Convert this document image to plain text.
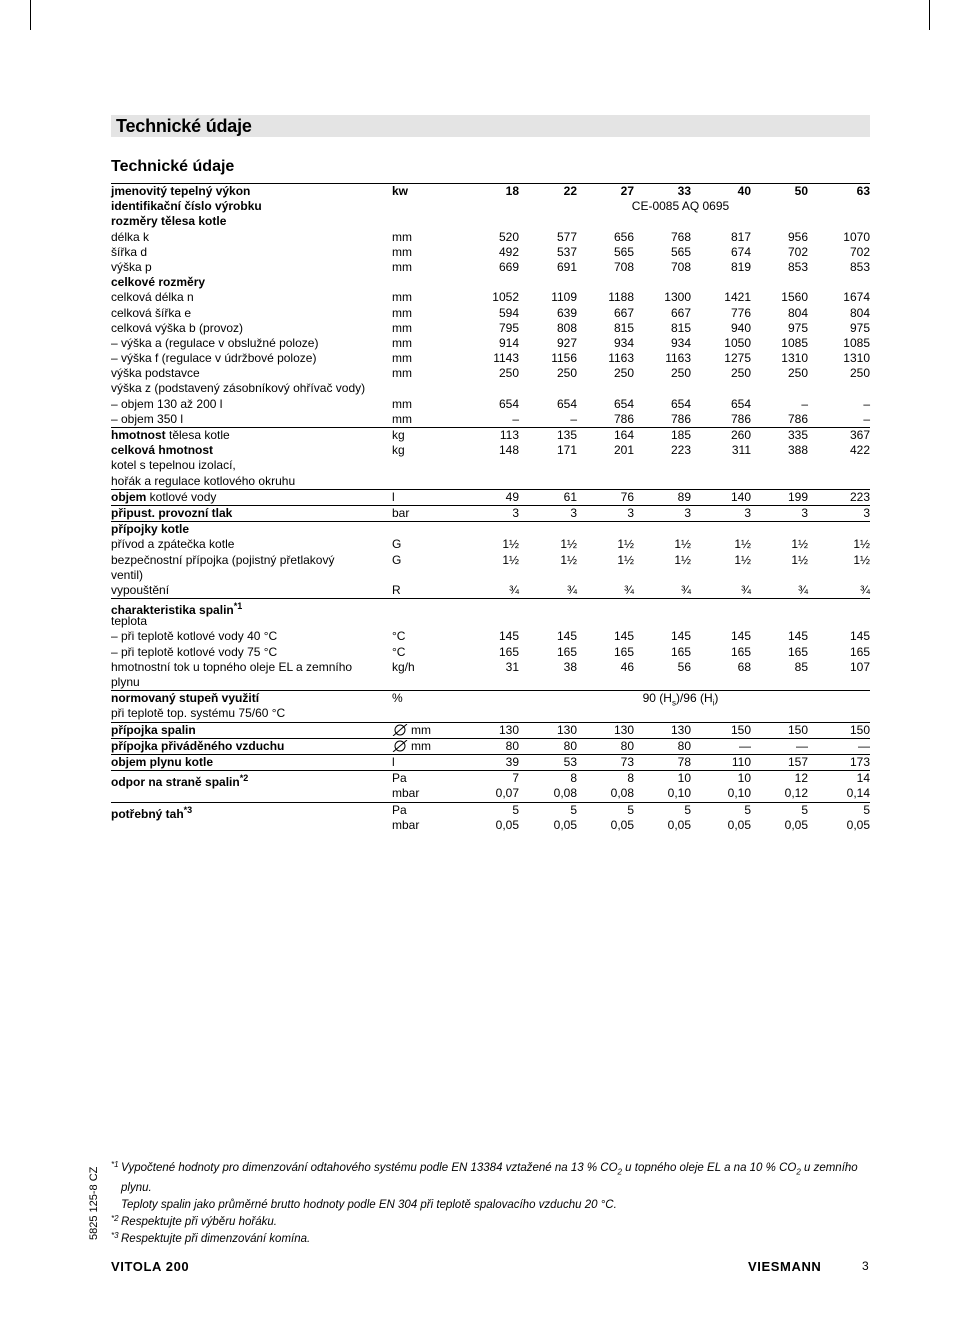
Technické údaje
Technické údaje
jmenovitý tepelný výkon	kw	18	22	27	33	40	50	63
identifikační číslo výrobku	CE-0085 AQ 0695
rozměry tělesa kotle
délka k	mm	520	577	656	768	817	956	1070
šířka d	mm	492	537	565	565	674	702	702
výška p	mm	669	691	708	708	819	853	853
celkové rozměry
celková délka n	mm	1052	1109	1188	1300	1421	1560	1674
celková šířka e	mm	594	639	667	667	776	804	804
celková výška b (provoz)	mm	795	808	815	815	940	975	975
– výška a (regulace v obslužné poloze)	mm	914	927	934	934	1050	1085	1085
– výška f (regulace v údržbové poloze)	mm	1143	1156	1163	1163	1275	1310	1310
výška podstavce	mm	250	250	250	250	250	250	250
výška z (podstavený zásobníkový ohřívač vody)
– objem 130 až 200 l	mm	654	654	654	654	654	–	–
– objem 350 l	mm	–	–	786	786	786	786	–
hmotnost tělesa kotle	kg	113	135	164	185	260	335	367
celková hmotnost	kg	148	171	201	223	311	388	422
kotel s tepelnou izolací,
hořák a regulace kotlového okruhu
objem kotlové vody	l	49	61	76	89	140	199	223
připust. provozní tlak	bar	3	3	3	3	3	3	3
přípojky kotle
přívod a zpátečka kotle	G	1½	1½	1½	1½	1½	1½	1½
bezpečnostní přípojka (pojistný přetlakový	G	1½	1½	1½	1½	1½	1½	1½
ventil)
vypouštění	R	¾	¾	¾	¾	¾	¾	¾
charakteristika spalin$^{*1}$
teplota
– při teplotě kotlové vody 40 °C	°C	145	145	145	145	145	145	145
– při teplotě kotlové vody 75 °C	°C	165	165	165	165	165	165	165
hmotnostní tok u topného oleje EL a zemního	kg/h	31	38	46	56	68	85	107
plynu
normovaný stupeň využití	%	90 $(H_s)/96$ $(H_i)$
při teplotě top. systému 75/60 °C
přípojka spalin	mm	130	130	130	130	150	150	150
přípojka přiváděného vzduchu	mm	80	80	80	80	—	—	—
objem plynu kotle	l	39	53	73	78	110	157	173
odpor na straně spalin$^{*2}$	Pa	7	8	8	10	10	12	14
mbar	0,07	0,08	0,08	0,10	0,10	0,12	0,14
potřebný tah$^{*3}$	Pa	5	5	5	5	5	5	5
mbar	0,05	0,05	0,05	0,05	0,05	0,05	0,05
*1 Vypočtené hodnoty pro dimenzování odtahového systému podle EN 13384 vztažené na 13 % $CO_2$ u topného oleje EL a na 10 % $CO_2$ u zemního plynu.
Teploty spalin jako průměrné brutto hodnoty podle EN 304 při teplotě spalovacího vzduchu 20 °C.
*2 Respektujte při výběru hořáku.
*3 Respektujte při dimenzování komína.
5825 125-8 CZ
VITOLA 200	VIESMANN	3
